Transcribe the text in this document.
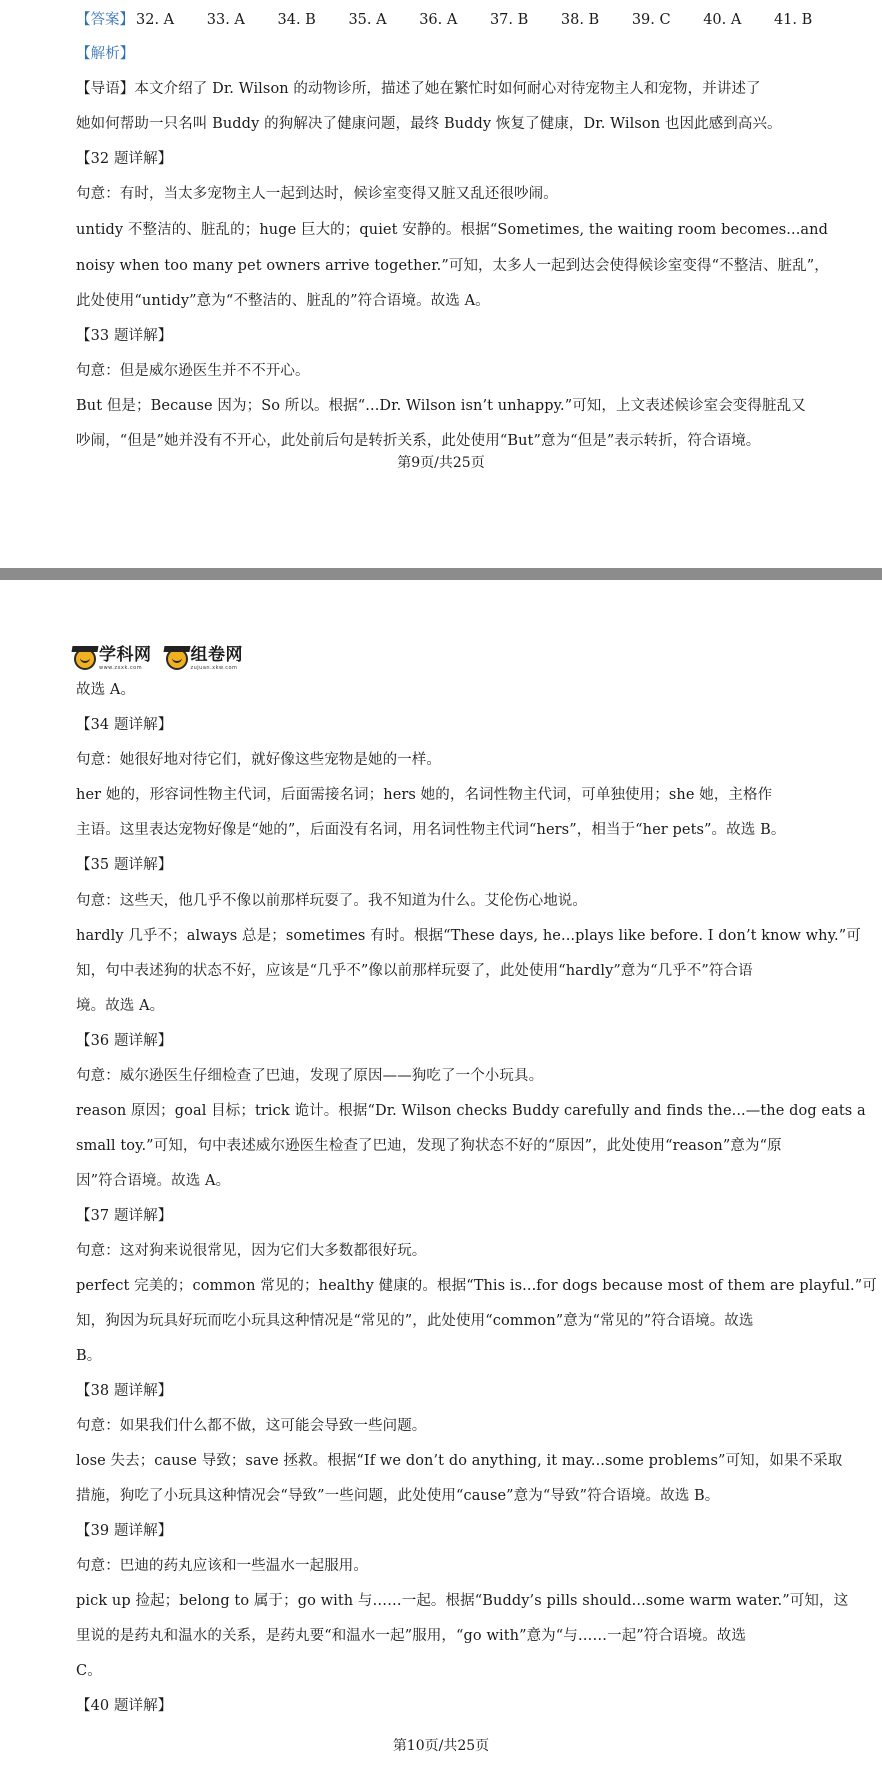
【答案】 32. A 33. A 34. B 35. A 36. A 37. B 38. B 39. C 40. A 41. B
【解析】
【导语】本文介绍了 Dr. Wilson 的动物诊所，描述了她在繁忙时如何耐心对待宠物主人和宠物，并讲述了
她如何帮助一只名叫 Buddy 的狗解决了健康问题，最终 Buddy 恢复了健康，Dr. Wilson 也因此感到高兴。
【32 题详解】
句意：有时，当太多宠物主人一起到达时，候诊室变得又脏又乱还很吵闹。
untidy 不整洁的、脏乱的；huge 巨大的；quiet 安静的。根据“Sometimes, the waiting room becomes...and
noisy when too many pet owners arrive together.”可知，太多人一起到达会使得候诊室变得“不整洁、脏乱”，
此处使用“untidy”意为“不整洁的、脏乱的”符合语境。故选 A。
【33 题详解】
句意：但是威尔逊医生并不不开心。
But 但是；Because 因为；So 所以。根据“...Dr. Wilson isn’t unhappy.”可知，上文表述候诊室会变得脏乱又
吵闹，“但是”她并没有不开心，此处前后句是转折关系，此处使用“But”意为“但是”表示转折，符合语境。
第9页/共25页
学科网
www.zxxk.com
组卷网
zujuan.xkw.com
故选 A。
【34 题详解】
句意：她很好地对待它们，就好像这些宠物是她的一样。
her 她的，形容词性物主代词，后面需接名词；hers 她的，名词性物主代词，可单独使用；she 她，主格作
主语。这里表达宠物好像是“她的”，后面没有名词，用名词性物主代词“hers”，相当于“her pets”。故选 B。
【35 题详解】
句意：这些天，他几乎不像以前那样玩耍了。我不知道为什么。艾伦伤心地说。
hardly 几乎不；always 总是；sometimes 有时。根据“These days, he...plays like before. I don’t know why.”可
知，句中表述狗的状态不好，应该是“几乎不”像以前那样玩耍了，此处使用“hardly”意为“几乎不”符合语
境。故选 A。
【36 题详解】
句意：威尔逊医生仔细检查了巴迪，发现了原因——狗吃了一个小玩具。
reason 原因；goal 目标；trick 诡计。根据“Dr. Wilson checks Buddy carefully and finds the...—the dog eats a
small toy.”可知，句中表述威尔逊医生检查了巴迪，发现了狗状态不好的“原因”，此处使用“reason”意为“原
因”符合语境。故选 A。
【37 题详解】
句意：这对狗来说很常见，因为它们大多数都很好玩。
perfect 完美的；common 常见的；healthy 健康的。根据“This is...for dogs because most of them are playful.”可
知，狗因为玩具好玩而吃小玩具这种情况是“常见的”，此处使用“common”意为“常见的”符合语境。故选
B。
【38 题详解】
句意：如果我们什么都不做，这可能会导致一些问题。
lose 失去；cause 导致；save 拯救。根据“If we don’t do anything, it may...some problems”可知，如果不采取
措施，狗吃了小玩具这种情况会“导致”一些问题，此处使用“cause”意为“导致”符合语境。故选 B。
【39 题详解】
句意：巴迪的药丸应该和一些温水一起服用。
pick up 捡起；belong to 属于；go with 与……一起。根据“Buddy’s pills should...some warm water.”可知，这
里说的是药丸和温水的关系，是药丸要“和温水一起”服用，“go with”意为“与……一起”符合语境。故选
C。
【40 题详解】
第10页/共25页
